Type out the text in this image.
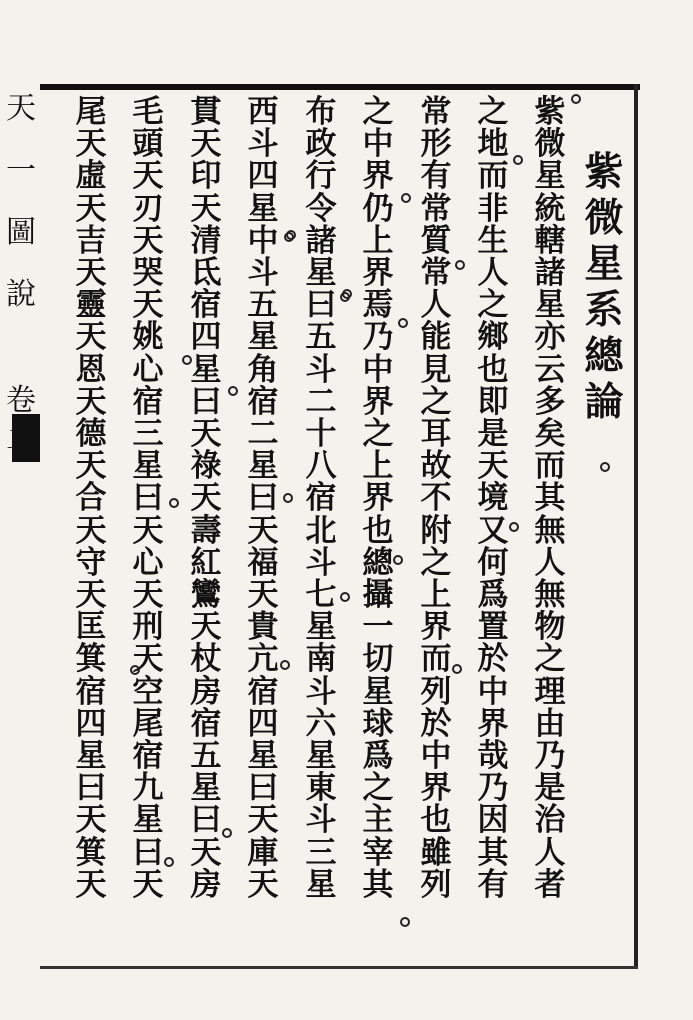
天
一
圖
說
卷
二
紫
微
星
系
總
論
紫
微
星
統
轄
諸
星
亦
云
多
矣
而
其
無
人
無
物
之
理
由
乃
是
治
人
者
之
地
而
非
生
人
之
鄉
也
即
是
天
境
又
何
爲
置
於
中
界
哉
乃
因
其
有
常
形
有
常
質
常
人
能
見
之
耳
故
不
附
之
上
界
而
列
於
中
界
也
雖
列
之
中
界
仍
上
界
焉
乃
中
界
之
上
界
也
總
攝
一
切
星
球
爲
之
主
宰
其
布
政
行
令
諸
星
曰
五
斗
二
十
八
宿
北
斗
七
星
南
斗
六
星
東
斗
三
星
西
斗
四
星
中
斗
五
星
角
宿
二
星
曰
天
福
天
貴
亢
宿
四
星
曰
天
庫
天
貫
天
印
天
清
氐
宿
四
星
曰
天
祿
天
壽
紅
鸞
天
杖
房
宿
五
星
曰
天
房
毛
頭
天
刃
天
哭
天
姚
心
宿
三
星
曰
天
心
天
刑
天
空
尾
宿
九
星
曰
天
尾
天
虛
天
吉
天
靈
天
恩
天
德
天
合
天
守
天
匡
箕
宿
四
星
曰
天
箕
天
